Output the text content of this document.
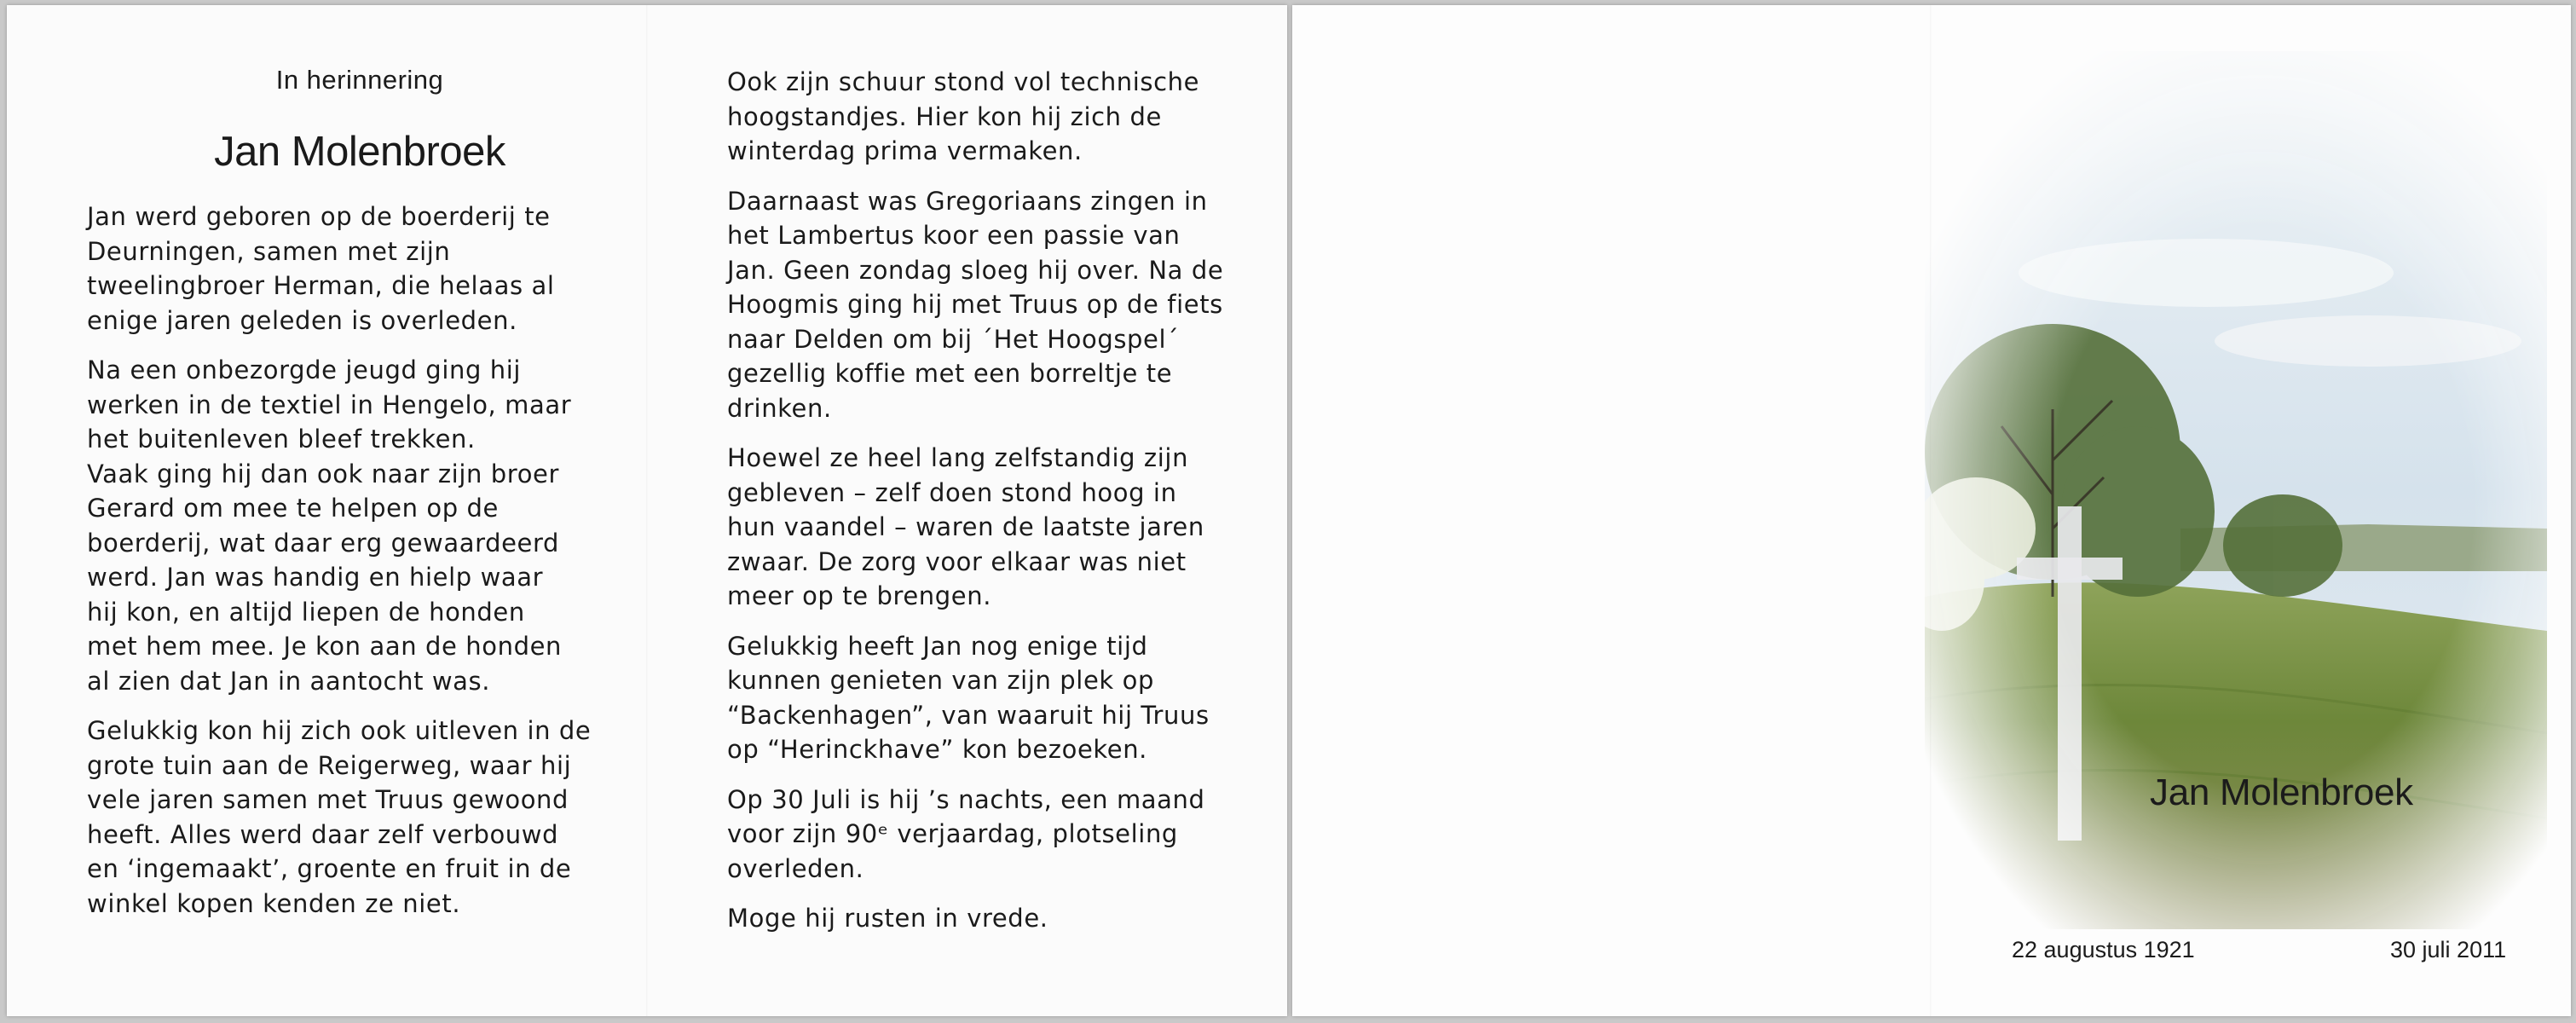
In herinnering
Jan Molenbroek

Jan werd geboren op de boerderij te
Deurningen, samen met zijn
tweelingbroer Herman, die helaas al
enige jaren geleden is overleden.

Na een onbezorgde jeugd ging hij
werken in de textiel in Hengelo, maar
het buitenleven bleef trekken.
Vaak ging hij dan ook naar zijn broer
Gerard om mee te helpen op de
boerderij, wat daar erg gewaardeerd
werd. Jan was handig en hielp waar
hij kon, en altijd liepen de honden
met hem mee. Je kon aan de honden
al zien dat Jan in aantocht was.

Gelukkig kon hij zich ook uitleven in de
grote tuin aan de Reigerweg, waar hij
vele jaren samen met Truus gewoond
heeft. Alles werd daar zelf verbouwd
en ‘ingemaakt’, groente en fruit in de
winkel kopen kenden ze niet.

Ook zijn schuur stond vol technische
hoogstandjes. Hier kon hij zich de
winterdag prima vermaken.

Daarnaast was Gregoriaans zingen in
het Lambertus koor een passie van
Jan. Geen zondag sloeg hij over. Na de
Hoogmis ging hij met Truus op de fiets
naar Delden om bij ´Het Hoogspel´
gezellig koffie met een borreltje te
drinken.

Hoewel ze heel lang zelfstandig zijn
gebleven – zelf doen stond hoog in
hun vaandel – waren de laatste jaren
zwaar. De zorg voor elkaar was niet
meer op te brengen.

Gelukkig heeft Jan nog enige tijd
kunnen genieten van zijn plek op
“Backenhagen”, van waaruit hij Truus
op “Herinckhave” kon bezoeken.

Op 30 Juli is hij ’s nachts, een maand
voor zijn 90ᵉ verjaardag, plotseling
overleden.

Moge hij rusten in vrede.

Jan Molenbroek
22 augustus 1921	30 juli 2011
